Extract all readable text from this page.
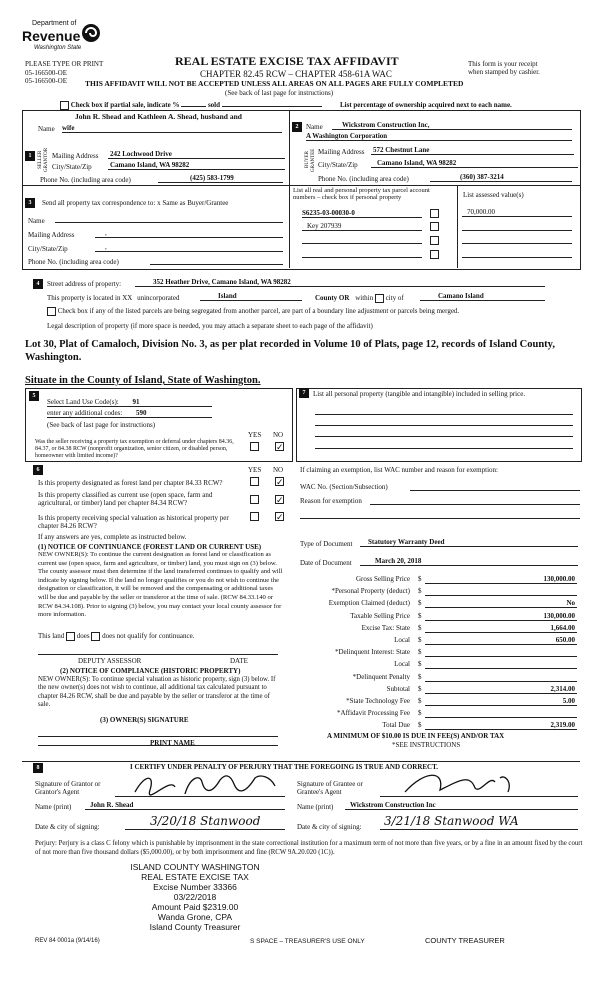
Department of
Revenue
Washington State
PLEASE TYPE OR PRINT
05-166500-OE
05-166500-OE
REAL ESTATE EXCISE TAX AFFIDAVIT
CHAPTER 82.45 RCW – CHAPTER 458-61A WAC
This form is your receipt
when stamped by cashier.
THIS AFFIDAVIT WILL NOT BE ACCEPTED UNLESS ALL AREAS ON ALL PAGES ARE FULLY COMPLETED
(See back of last page for instructions)
Check box if partial sale, indicate %	sold	List percentage of ownership acquired next to each name.
1	SELLER GRANTOR
John R. Shead and Kathleen A. Shead, husband and
Name wife
Mailing Address 242 Lochwood Drive
City/State/Zip	Camano Island, WA 98282
Phone No. (including area code)	(425) 583-1799
2
BUYER GRANTEE
Name	Wickstrom Construction Inc,
A Washington Corporation
Mailing Address 572 Chestnut Lane
City/State/Zip	Camano Island, WA 98282
Phone No. (including area code)	(360) 387-3214
3	Send all property tax correspondence to: x Same as Buyer/Grantee
Name
Mailing Address	,
City/State/Zip	,
Phone No. (including area code)
List all real and personal property tax parcel account numbers – check box if personal property	List assessed value(s)
S6235-03-00030-0	70,000.00
Key 207939
4	Street address of property:	352 Heather Drive, Camano Island, WA 98282
This property is located in XX unincorporated	Island	County OR within city of	Camano Island
Check box if any of the listed parcels are being segregated from another parcel, are part of a boundary line adjustment or parcels being merged.
Legal description of property (if more space is needed, you may attach a separate sheet to each page of the affidavit)
Lot 30, Plat of Camaloch, Division No. 3, as per plat recorded in Volume 10 of Plats, page 12, records of Island County, Washington.
Situate in the County of Island, State of Washington.
5
Select Land Use Code(s): 91
enter any additional codes: 590
(See back of last page for instructions)
YES NO
Was the seller receiving a property tax exemption or deferral under chapters 84.36, 84.37, or 84.38 RCW (nonprofit organization, senior citizen, or disabled person, homeowner with limited income)?
✓
7	List all personal property (tangible and intangible) included in selling price.
6	YES NO
Is this property designated as forest land per chapter 84.33 RCW?	✓
Is this property classified as current use (open space, farm and agricultural, or timber) land per chapter 84.34 RCW?	✓
Is this property receiving special valuation as historical property per chapter 84.26 RCW?
✓
If any answers are yes, complete as instructed below.
(1) NOTICE OF CONTINUANCE (FOREST LAND OR CURRENT USE)
NEW OWNER(S): To continue the current designation as forest land or classification as current use (open space, farm and agriculture, or timber) land, you must sign on (3) below. The county assessor must then determine if the land transferred continues to qualify and will indicate by signing below. If the land no longer qualifies or you do not wish to continue the designation or classification, it will be removed and the compensating or additional taxes will be due and payable by the seller or transferor at the time of sale. (RCW 84.33.140 or RCW 84.34.108). Prior to signing (3) below, you may contact your local county assessor for more information.
This land does does not qualify for continuance.
DEPUTY ASSESSOR	DATE
(2) NOTICE OF COMPLIANCE (HISTORIC PROPERTY)
NEW OWNER(S): To continue special valuation as historic property, sign (3) below. If the new owner(s) does not wish to continue, all additional tax calculated pursuant to chapter 84.26 RCW, shall be due and payable by the seller or transferor at the time of sale.
(3) OWNER(S) SIGNATURE
PRINT NAME
If claiming an exemption, list WAC number and reason for exemption:
WAC No. (Section/Subsection)
Reason for exemption
Type of Document	Statutory Warranty Deed
Date of Document	March 20, 2018
Gross Selling Price $	130,000.00
*Personal Property (deduct) $
Exemption Claimed (deduct) $	No
Taxable Selling Price $	130,000.00
Excise Tax: State $	1,664.00
Local $	650.00
*Delinquent Interest: State $
Local $
*Delinquent Penalty $
Subtotal $	2,314.00
*State Technology Fee $	5.00
*Affidavit Processing Fee $
Total Due $	2,319.00
A MINIMUM OF $10.00 IS DUE IN FEE(S) AND/OR TAX
*SEE INSTRUCTIONS
8	I CERTIFY UNDER PENALTY OF PERJURY THAT THE FOREGOING IS TRUE AND CORRECT.
Signature of Grantor or Grantor's Agent
Signature of Grantee or Grantee's Agent
Name (print)	John R. Shead	Name (print)	Wickstrom Construction Inc
Date & city of signing:	3/20/18 Stanwood	Date & city of signing:	3/21/18 Stanwood WA
Perjury: Perjury is a class C felony which is punishable by imprisonment in the state correctional institution for a maximum term of not more than five years, or by a fine in an amount fixed by the court of not more than five thousand dollars ($5,000.00), or by both imprisonment and fine (RCW 9A.20.020 (1C)).
ISLAND COUNTY WASHINGTON
REAL ESTATE EXCISE TAX
Excise Number 33366
03/22/2018
Amount Paid $2319.00
Wanda Grone, CPA
Island County Treasurer
REV 84 0001a (9/14/16)	S SPACE – TREASURER'S USE ONLY	COUNTY TREASURER
